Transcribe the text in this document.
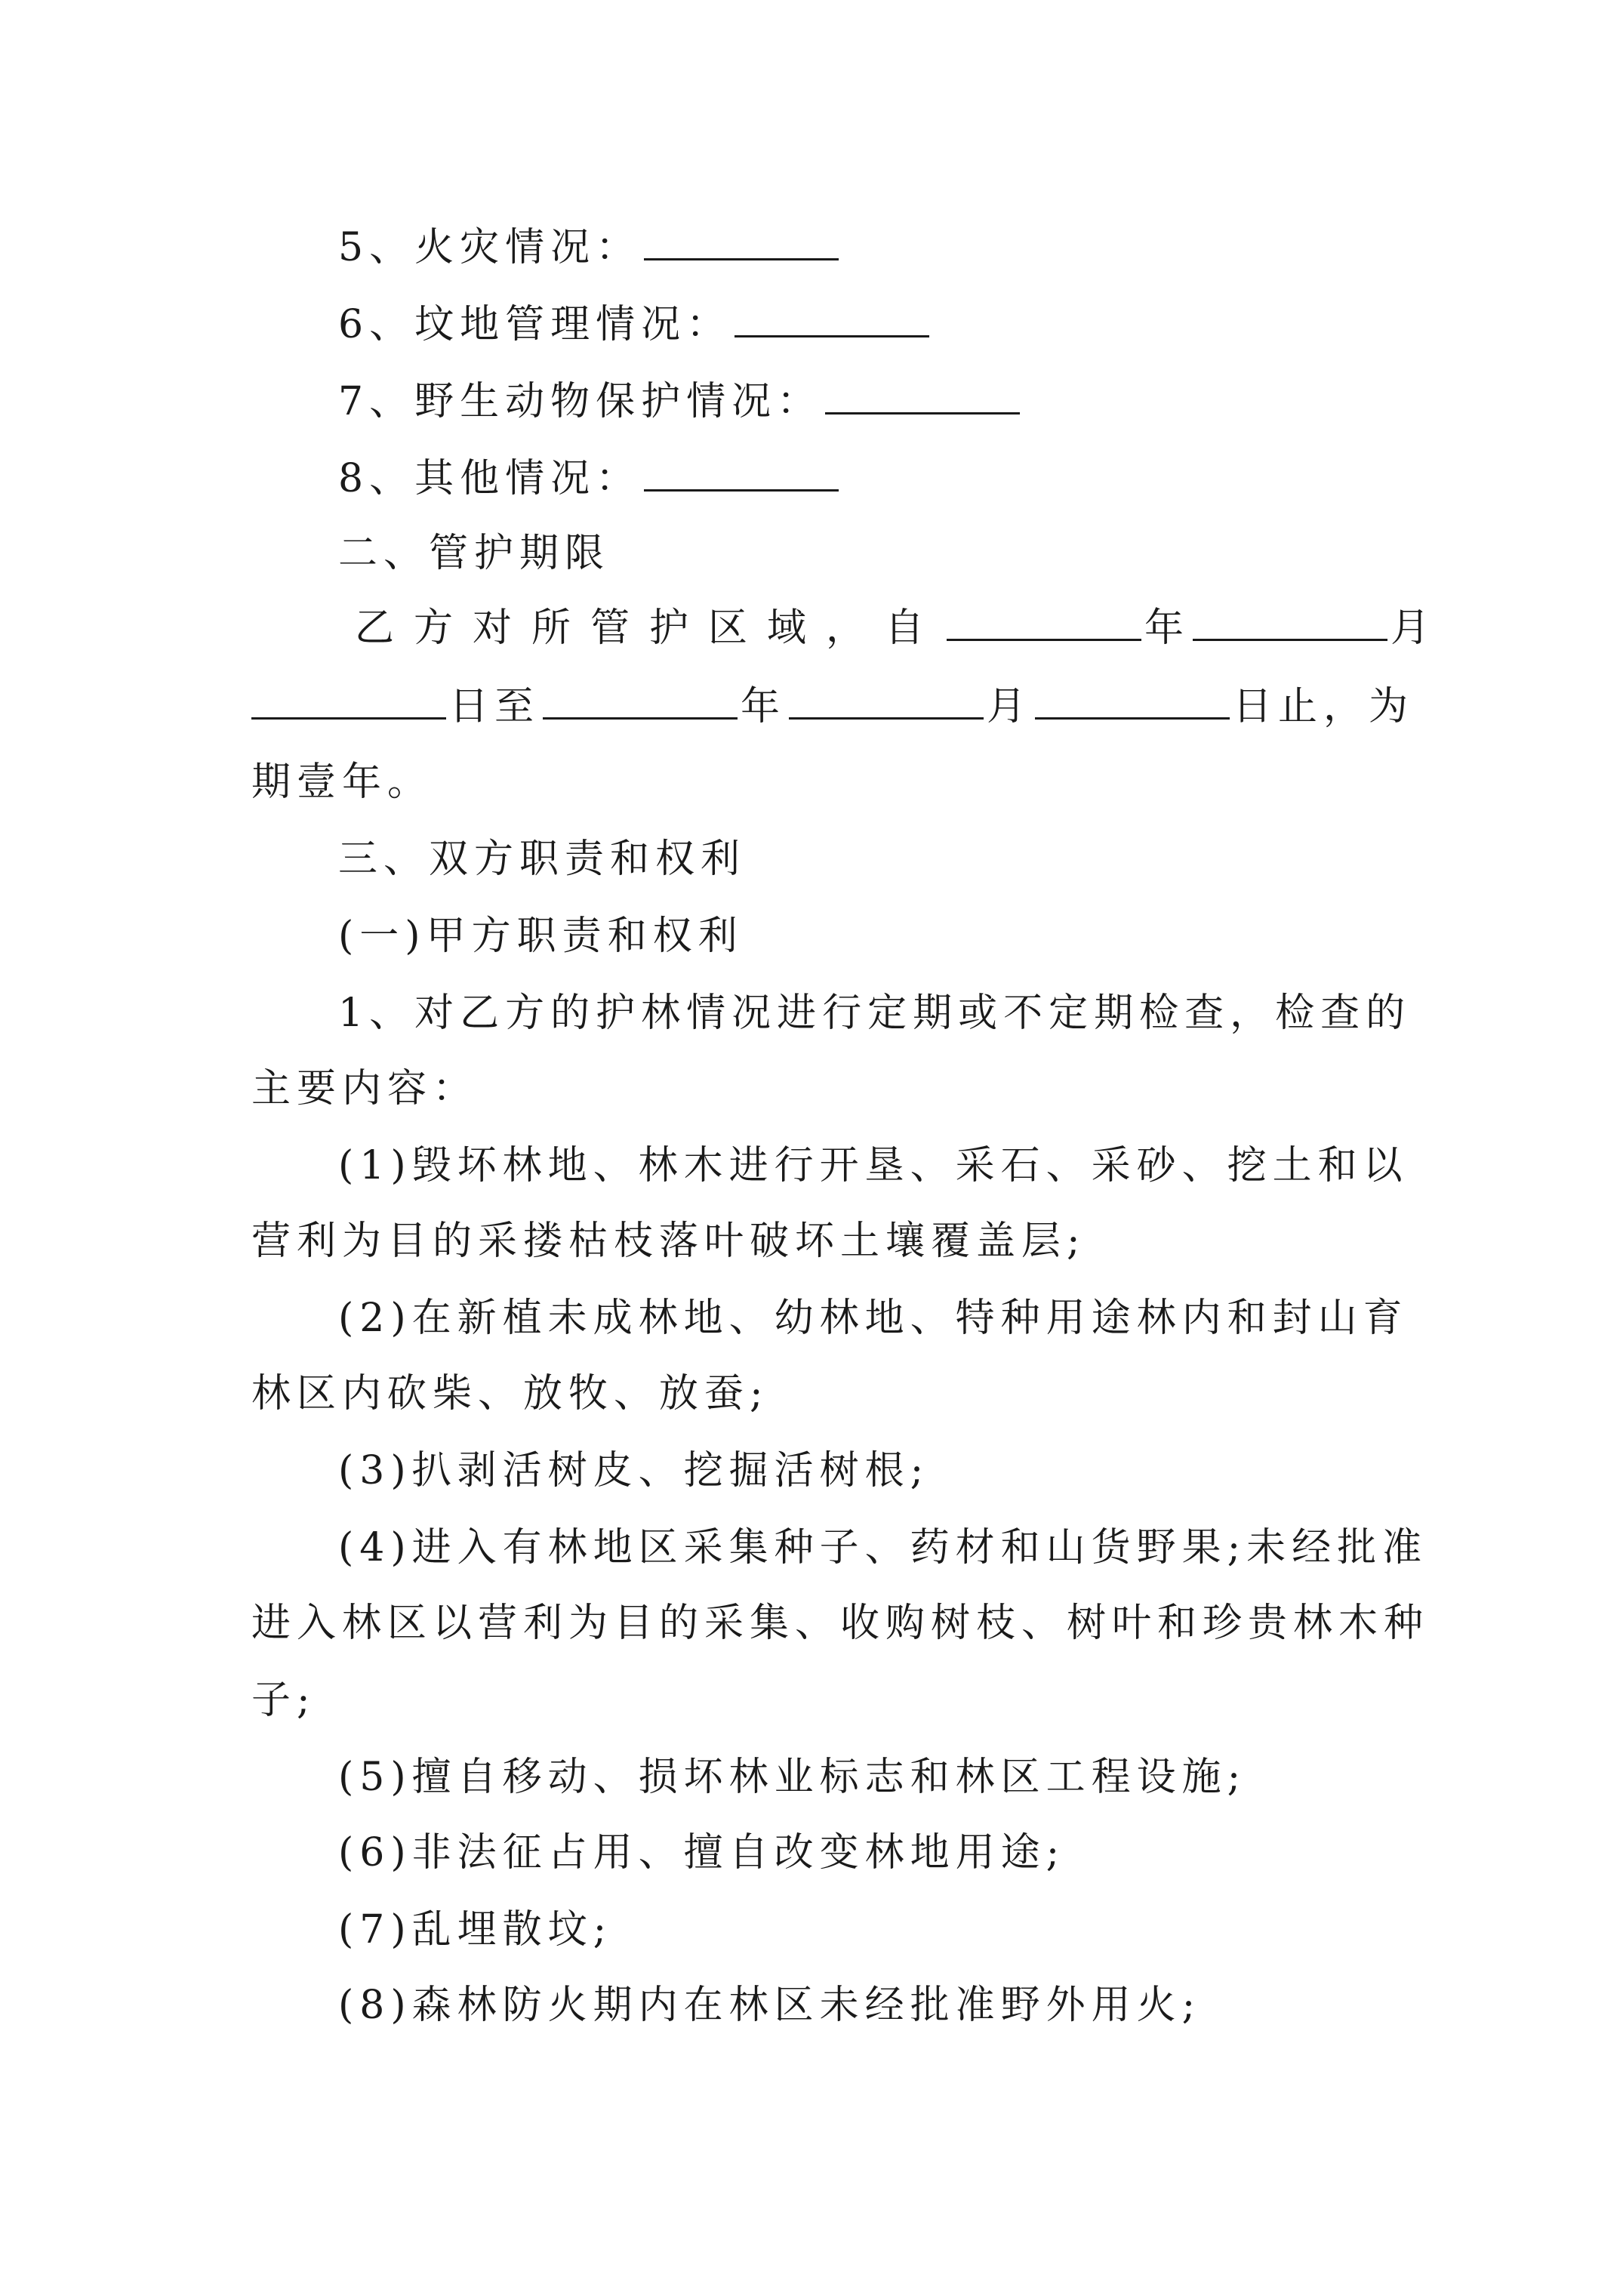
5、火灾情况：
6、坟地管理情况：
7、野生动物保护情况：
8、其他情况：
二、管护期限
乙方对所管护区域，自	年	月
日至	年	月	日止，为
期壹年。
三、双方职责和权利
(一)甲方职责和权利
1、对乙方的护林情况进行定期或不定期检查，检查的
主要内容：
(1)毁坏林地、林木进行开垦、采石、采砂、挖土和以
营利为目的采搂枯枝落叶破坏土壤覆盖层;
(2)在新植未成林地、幼林地、特种用途林内和封山育
林区内砍柴、放牧、放蚕;
(3)扒剥活树皮、挖掘活树根;
(4)进入有林地区采集种子、药材和山货野果;未经批准
进入林区以营利为目的采集、收购树枝、树叶和珍贵林木种
子;
(5)擅自移动、损坏林业标志和林区工程设施;
(6)非法征占用、擅自改变林地用途;
(7)乱埋散坟;
(8)森林防火期内在林区未经批准野外用火;
